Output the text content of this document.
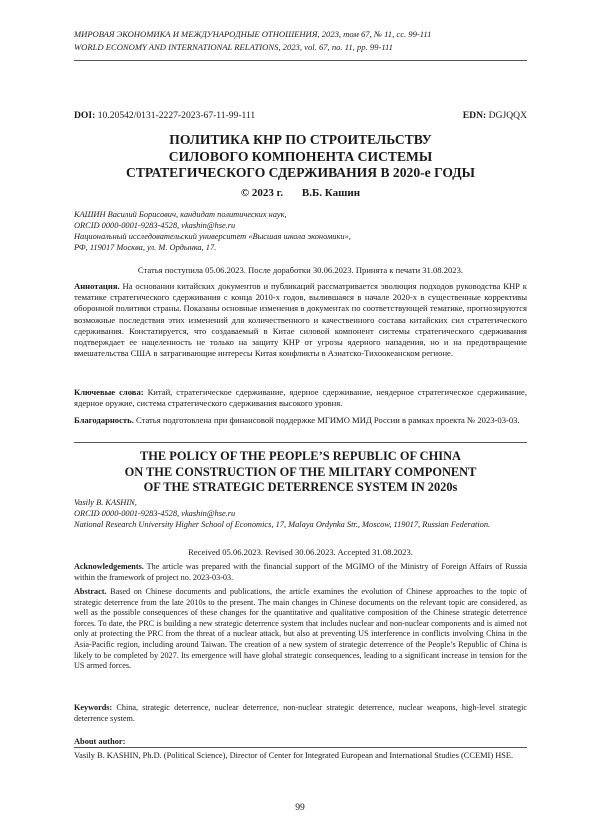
МИРОВАЯ ЭКОНОМИКА И МЕЖДУНАРОДНЫЕ ОТНОШЕНИЯ, 2023, том 67, № 11, сс. 99-111
WORLD ECONOMY AND INTERNATIONAL RELATIONS, 2023, vol. 67, no. 11, pp. 99-111
DOI: 10.20542/0131-2227-2023-67-11-99-111	EDN: DGJQQX
ПОЛИТИКА КНР ПО СТРОИТЕЛЬСТВУ
СИЛОВОГО КОМПОНЕНТА СИСТЕМЫ
СТРАТЕГИЧЕСКОГО СДЕРЖИВАНИЯ В 2020-е ГОДЫ
© 2023 г. В.Б. Кашин
КАШИН Василий Борисович, кандидат политических наук,
ORCID 0000-0001-9283-4528, vkashin@hse.ru
Национальный исследовательский университет «Высшая школа экономики»,
РФ, 119017 Москва, ул. М. Ордынка, 17.
Статья поступила 05.06.2023. После доработки 30.06.2023. Принята к печати 31.08.2023.
Аннотация. На основании китайских документов и публикаций рассматривается эволюция подходов руководства КНР к тематике стратегического сдерживания с конца 2010-х годов, вылившаяся в начале 2020-х в существенные коррективы оборонной политики страны. Показаны основные изменения в документах по соответствующей тематике, прогнозируются возможные последствия этих изменений для количественного и качественного состава китайских сил стратегического сдерживания. Констатируется, что создаваемый в Китае силовой компонент системы стратегического сдерживания подтверждает ее нацеленность не только на защиту КНР от угрозы ядерного нападения, но и на предотвращение вмешательства США в затрагивающие интересы Китая конфликты в Азиатско-Тихоокеанском регионе.
Ключевые слова: Китай, стратегическое сдерживание, ядерное сдерживание, неядерное стратегическое сдерживание, ядерное оружие, система стратегического сдерживания высокого уровня.
Благодарность. Статья подготовлена при финансовой поддержке МГИМО МИД России в рамках проекта № 2023-03-03.
THE POLICY OF THE PEOPLE’S REPUBLIC OF CHINA
ON THE CONSTRUCTION OF THE MILITARY COMPONENT
OF THE STRATEGIC DETERRENCE SYSTEM IN 2020s
Vasily B. KASHIN,
ORCID 0000-0001-9283-4528, vkashin@hse.ru
National Research University Higher School of Economics, 17, Malaya Ordynka Str., Moscow, 119017, Russian Federation.
Received 05.06.2023. Revised 30.06.2023. Accepted 31.08.2023.
Acknowledgements. The article was prepared with the financial support of the MGIMO of the Ministry of Foreign Affairs of Russia within the framework of project no. 2023-03-03.
Abstract. Based on Chinese documents and publications, the article examines the evolution of Chinese approaches to the topic of strategic deterrence from the late 2010s to the present. The main changes in Chinese documents on the relevant topic are considered, as well as the possible consequences of these changes for the quantitative and qualitative composition of the Chinese strategic deterrence forces. To date, the PRC is building a new strategic deterrence system that includes nuclear and non-nuclear components and is aimed not only at protecting the PRC from the threat of a nuclear attack, but also at preventing US interference in conflicts involving China in the Asia-Pacific region, including around Taiwan. The creation of a new system of strategic deterrence of the People’s Republic of China is likely to be completed by 2027. Its emergence will have global strategic consequences, leading to a significant increase in tension for the US armed forces.
Keywords: China, strategic deterrence, nuclear deterrence, non-nuclear strategic deterrence, nuclear weapons, high-level strategic deterrence system.
About author:
Vasily B. KASHIN, Ph.D. (Political Science), Director of Center for Integrated European and International Studies (CCEMI) HSE.
99
